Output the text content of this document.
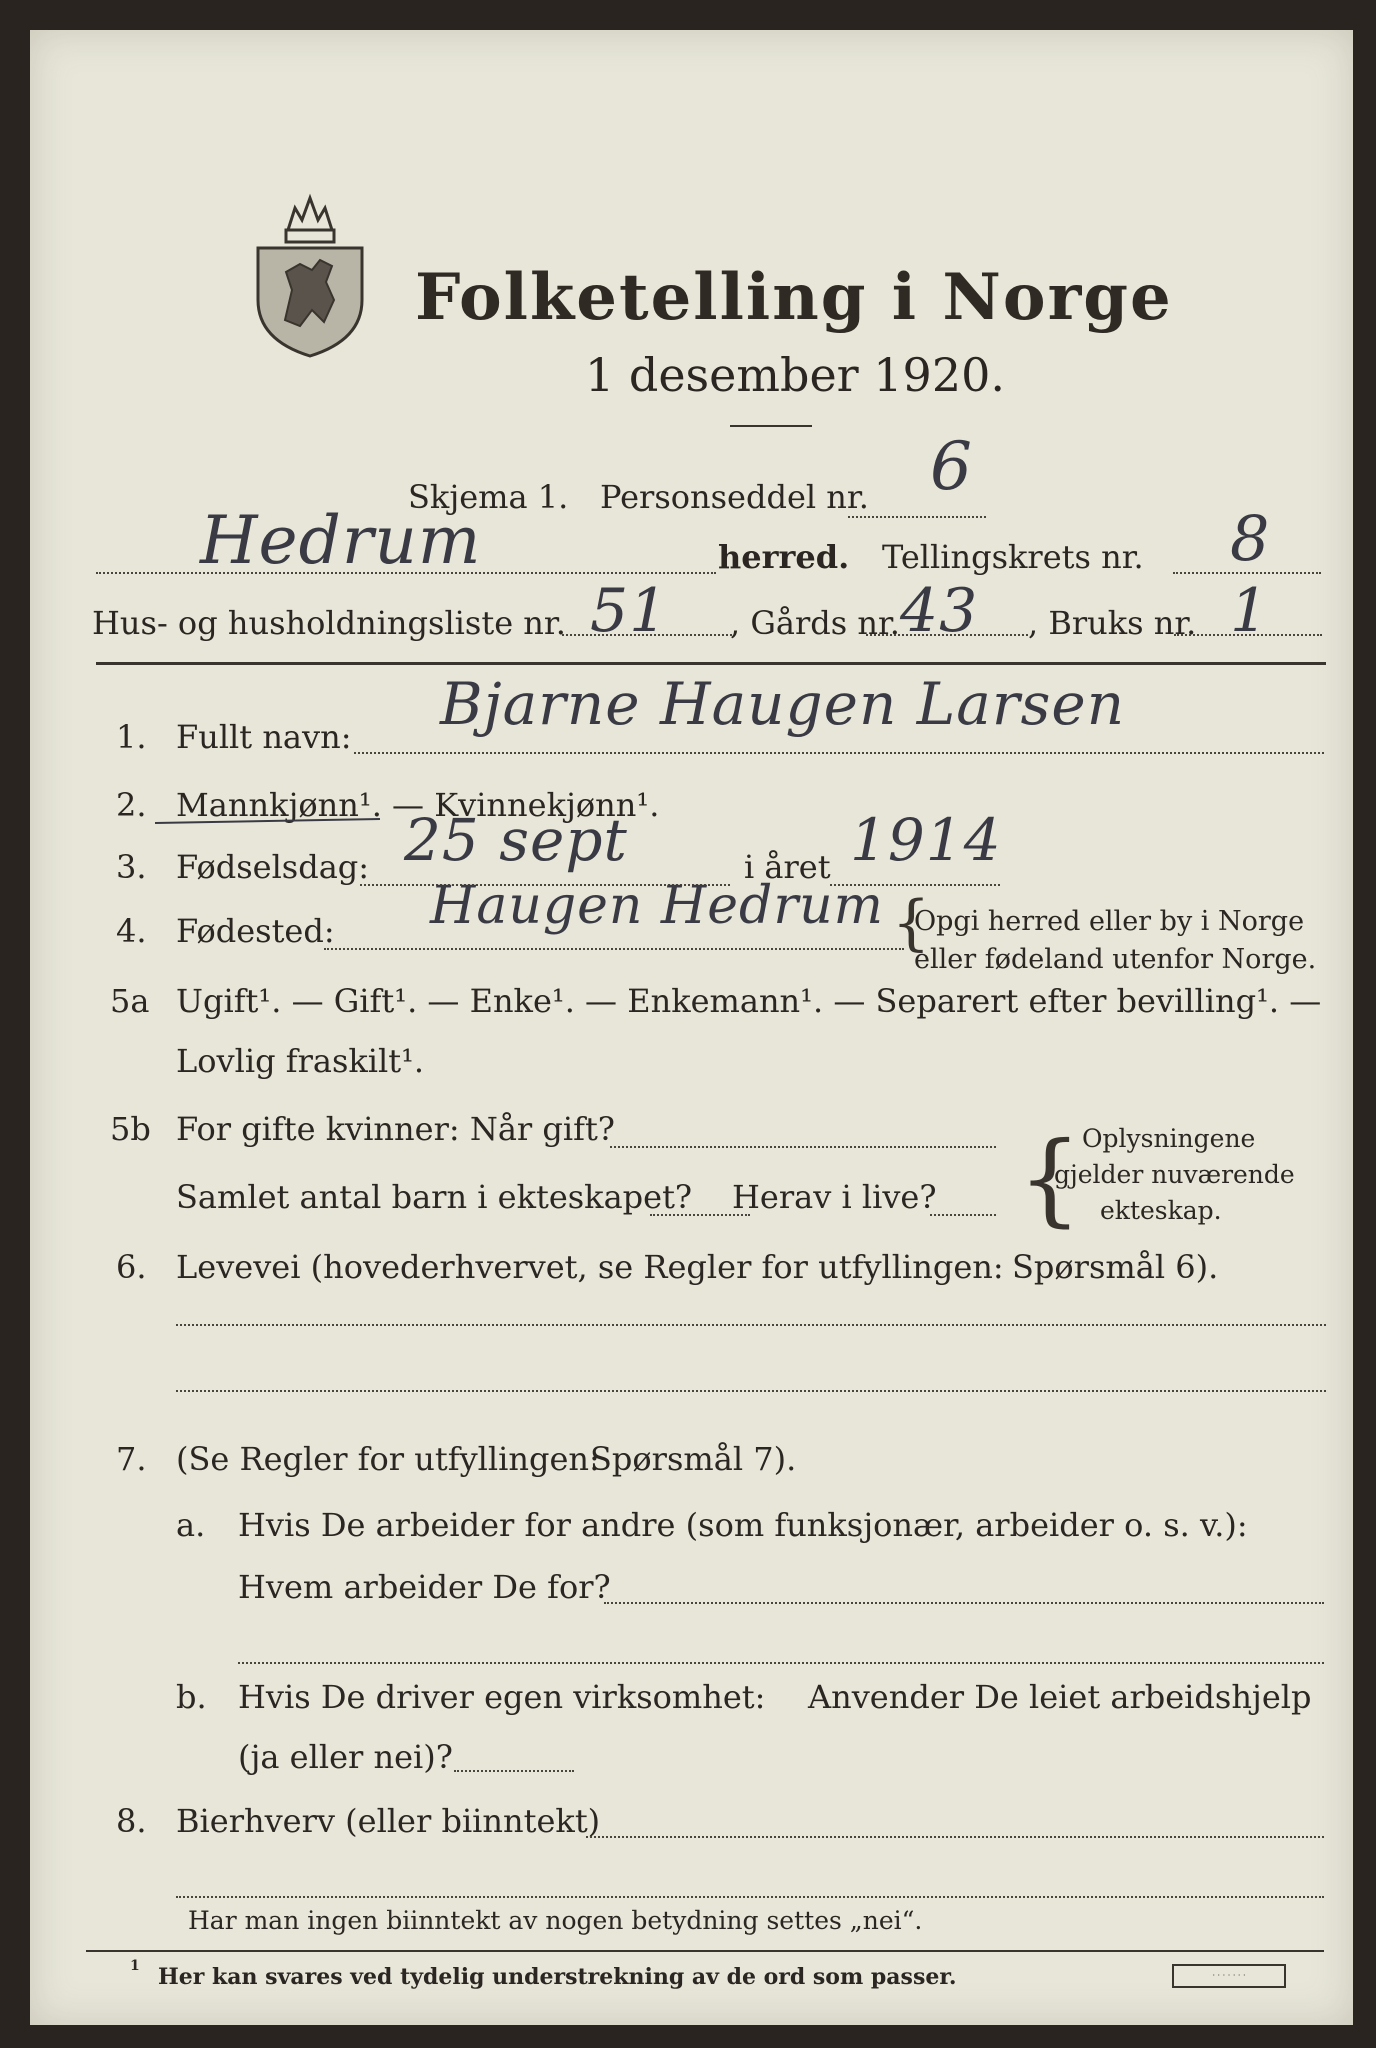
Folketelling i Norge
1 desember 1920.
Skjema 1. Personseddel nr. 6
Hedrum	herred. Tellingskrets nr. 8
Hus- og husholdningsliste nr. 51 , Gårds nr. 43 , Bruks nr. 1
1. Fullt navn: Bjarne Haugen Larsen
2. Mannkjønn¹. — Kvinnekjønn¹.
3. Fødselsdag: 25 sept	i året 1914
4. Fødested: Haugen Hedrum {
Opgi herred eller by i Norge
eller fødeland utenfor Norge.
5a Ugift¹. — Gift¹. — Enke¹. — Enkemann¹. — Separert efter bevilling¹. —
Lovlig fraskilt¹.
5b For gifte kvinner: Når gift?
Samlet antal barn i ekteskapet? Herav i live? { Oplysningene
gjelder nuværende
ekteskap.
6. Levevei (hovederhvervet, se Regler for utfyllingen: Spørsmål 6).
7. (Se Regler for utfyllingen:
Spørsmål 7).
a. Hvis De arbeider for andre (som funksjonær, arbeider o. s. v.):
Hvem arbeider De for?
b. Hvis De driver egen virksomhet: Anvender De leiet arbeidshjelp
(ja eller nei)?
8. Bierhverv (eller biinntekt)
Har man ingen biinntekt av nogen betydning settes „nei“.
1 Her kan svares ved tydelig understrekning av de ord som passer.	· · · · · · ·
